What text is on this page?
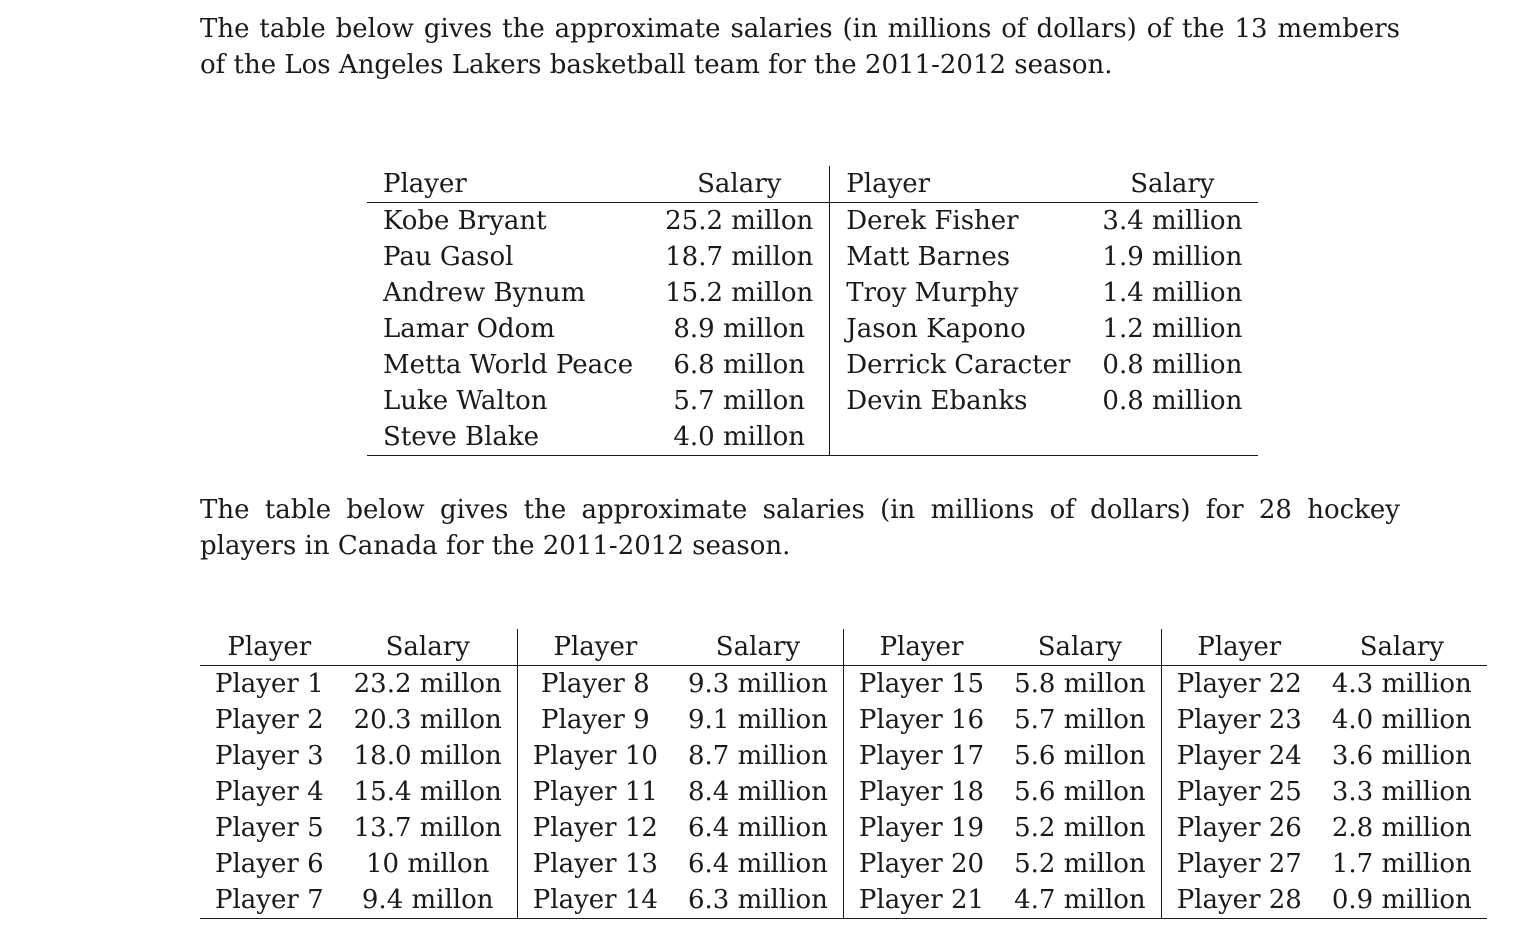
The table below gives the approximate salaries (in millions of dollars) of the 13 members of the Los Angeles Lakers basketball team for the 2011-2012 season.

Player	Salary	Player	Salary
Kobe Bryant	25.2 millon	Derek Fisher	3.4 million
Pau Gasol	18.7 millon	Matt Barnes	1.9 million
Andrew Bynum	15.2 millon	Troy Murphy	1.4 million
Lamar Odom	8.9 millon	Jason Kapono	1.2 million
Metta World Peace	6.8 millon	Derrick Caracter	0.8 million
Luke Walton	5.7 millon	Devin Ebanks	0.8 million
Steve Blake	4.0 millon		

The table below gives the approximate salaries (in millions of dollars) for 28 hockey players in Canada for the 2011-2012 season.

Player	Salary	Player	Salary	Player	Salary	Player	Salary
Player 1	23.2 millon	Player 8	9.3 million	Player 15	5.8 millon	Player 22	4.3 million
Player 2	20.3 millon	Player 9	9.1 million	Player 16	5.7 millon	Player 23	4.0 million
Player 3	18.0 millon	Player 10	8.7 million	Player 17	5.6 millon	Player 24	3.6 million
Player 4	15.4 millon	Player 11	8.4 million	Player 18	5.6 millon	Player 25	3.3 million
Player 5	13.7 millon	Player 12	6.4 million	Player 19	5.2 millon	Player 26	2.8 million
Player 6	10 millon	Player 13	6.4 million	Player 20	5.2 millon	Player 27	1.7 million
Player 7	9.4 millon	Player 14	6.3 million	Player 21	4.7 millon	Player 28	0.9 million
